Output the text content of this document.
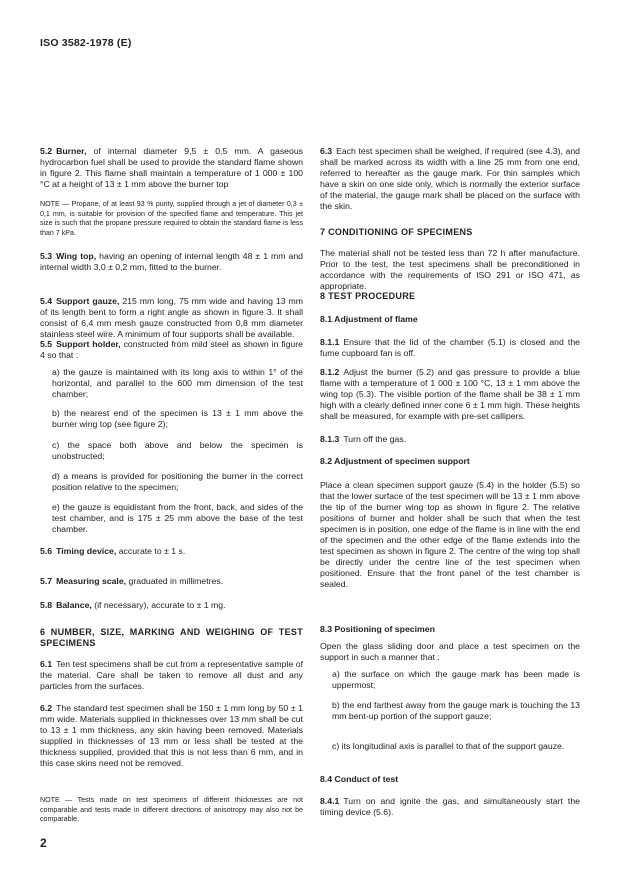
ISO 3582-1978 (E)
5.2 Burner, of internal diameter 9,5 ± 0,5 mm. A gaseous hydrocarbon fuel shall be used to provide the standard flame shown in figure 2. This flame shall maintain a temperature of 1 000 ± 100 °C at a height of 13 ± 1 mm above the burner top
NOTE — Propane, of at least 93 % purity, supplied through a jet of diameter 0,3 ± 0,1 mm, is suitable for provision of the specified flame and temperature. This jet size is such that the propane pressure required to obtain the standard flame is less than 7 kPa.
5.3 Wing top, having an opening of internal length 48 ± 1 mm and internal width 3,0 ± 0,2 mm, fitted to the burner.
5.4 Support gauze, 215 mm long, 75 mm wide and having 13 mm of its length bent to form a right angle as shown in figure 3. It shall consist of 6,4 mm mesh gauze constructed from 0,8 mm diameter stainless steel wire. A minimum of four supports shall be available.
5.5 Support holder, constructed from mild steel as shown in figure 4 so that :
a) the gauze is maintained with its long axis to within 1° of the horizontal, and parallel to the 600 mm dimension of the test chamber;
b) the nearest end of the specimen is 13 ± 1 mm above the burner wing top (see figure 2);
c) the space both above and below the specimen is unobstructed;
d) a means is provided for positioning the burner in the correct position relative to the specimen;
e) the gauze is equidistant from the front, back, and sides of the test chamber, and is 175 ± 25 mm above the base of the test chamber.
5.6 Timing device, accurate to ± 1 s.
5.7 Measuring scale, graduated in millimetres.
5.8 Balance, (if necessary), accurate to ± 1 mg.
6 NUMBER, SIZE, MARKING AND WEIGHING OF TEST SPECIMENS
6.1 Ten test specimens shall be cut from a representative sample of the material. Care shall be taken to remove all dust and any particles from the surfaces.
6.2 The standard test specimen shall be 150 ± 1 mm long by 50 ± 1 mm wide. Materials supplied in thicknesses over 13 mm shall be cut to 13 ± 1 mm thickness, any skin having been removed. Materials supplied in thicknesses of 13 mm or less shall be tested at the thickness supplied, provided that this is not less than 6 mm, and in this case skins need not be removed.
NOTE — Tests made on test specimens of different thicknesses are not comparable and tests made in different directions of anisotropy may also not be comparable.
6.3 Each test specimen shall be weighed, if required (see 4.3), and shall be marked across its width with a line 25 mm from one end, referred to hereafter as the gauge mark. For thin samples which have a skin on one side only, which is normally the exterior surface of the material, the gauge mark shall be placed on the surface with the skin.
7 CONDITIONING OF SPECIMENS
The material shall not be tested less than 72 h after manufacture. Prior to the test, the test specimens shall be preconditioned in accordance with the requirements of ISO 291 or ISO 471, as appropriate.
8 TEST PROCEDURE
8.1 Adjustment of flame
8.1.1 Ensure that the lid of the chamber (5.1) is closed and the fume cupboard fan is off.
8.1.2 Adjust the burner (5.2) and gas pressure to provide a blue flame with a temperature of 1 000 ± 100 °C, 13 ± 1 mm above the wing top (5.3). The visible portion of the flame shall be 38 ± 1 mm high with a clearly defined inner cone 6 ± 1 mm high. These heights shall be measured, for example with pre-set callipers.
8.1.3 Turn off the gas.
8.2 Adjustment of specimen support
Place a clean specimen support gauze (5.4) in the holder (5.5) so that the lower surface of the test specimen will be 13 ± 1 mm above the tip of the burner wing top as shown in figure 2. The relative positions of burner and holder shall be such that when the test specimen is in position, one edge of the flame is in line with the end of the specimen and the other edge of the flame extends into the test specimen as shown in figure 2. The centre of the wing top shall be directly under the centre line of the test specimen when positioned. Ensure that the front panel of the test chamber is sealed.
8.3 Positioning of specimen
Open the glass sliding door and place a test specimen on the support in such a manner that :
a) the surface on which the gauge mark has been made is uppermost;
b) the end farthest away from the gauge mark is touching the 13 mm bent-up portion of the support gauze;
c) its longitudinal axis is parallel to that of the support gauze.
8.4 Conduct of test
8.4.1 Turn on and ignite the gas, and simultaneously start the timing device (5.6).
2
